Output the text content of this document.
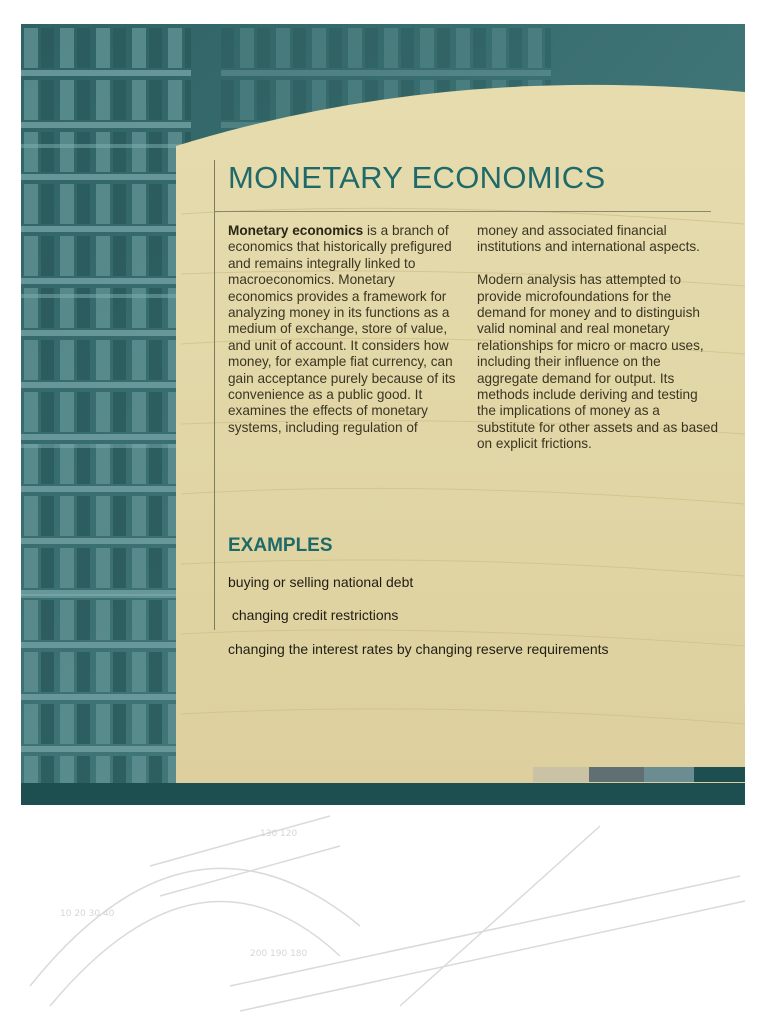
10 20 30 40
200 190 180
130 120
MONETARY ECONOMICS
Monetary economics is a branch of economics that historically prefigured and remains integrally linked to macroeconomics. Monetary economics provides a framework for analyzing money in its functions as a medium of exchange, store of value, and unit of account. It considers how money, for example fiat currency, can gain acceptance purely because of its convenience as a public good. It examines the effects of monetary systems, including regulation of

money and associated financial institutions and international aspects.

Modern analysis has attempted to provide microfoundations for the demand for money and to distinguish valid nominal and real monetary relationships for micro or macro uses, including their influence on the aggregate demand for output. Its methods include deriving and testing the implications of money as a substitute for other assets and as based on explicit frictions.

EXAMPLES
buying or selling national debt
changing credit restrictions
changing the interest rates by changing reserve requirements
